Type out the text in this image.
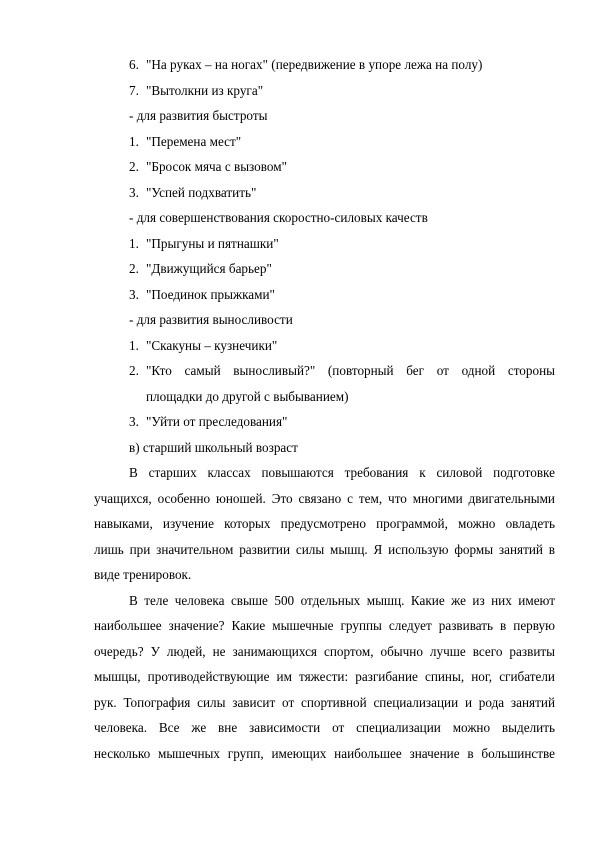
6. "На руках – на ногах" (передвижение в упоре лежа на полу)
7. "Вытолкни из круга"
- для развития быстроты
1. "Перемена мест"
2. "Бросок мяча с вызовом"
3. "Успей подхватить"
- для совершенствования скоростно-силовых качеств
1. "Прыгуны и пятнашки"
2. "Движущийся барьер"
3. "Поединок прыжками"
- для развития выносливости
1. "Скакуны – кузнечики"
2. "Кто самый выносливый?" (повторный бег от одной стороны
площадки до другой с выбыванием)
3. "Уйти от преследования"
в) старший школьный возраст
В старших классах повышаются требования к силовой подготовке
учащихся, особенно юношей. Это связано с тем, что многими двигательными
навыками, изучение которых предусмотрено программой, можно овладеть
лишь при значительном развитии силы мышц. Я использую формы занятий в
виде тренировок.
В теле человека свыше 500 отдельных мышц. Какие же из них имеют
наибольшее значение? Какие мышечные группы следует развивать в первую
очередь? У людей, не занимающихся спортом, обычно лучше всего развиты
мышцы, противодействующие им тяжести: разгибание спины, ног, сгибатели
рук. Топография силы зависит от спортивной специализации и рода занятий
человека. Все же вне зависимости от специализации можно выделить
несколько мышечных групп, имеющих наибольшее значение в большинстве
